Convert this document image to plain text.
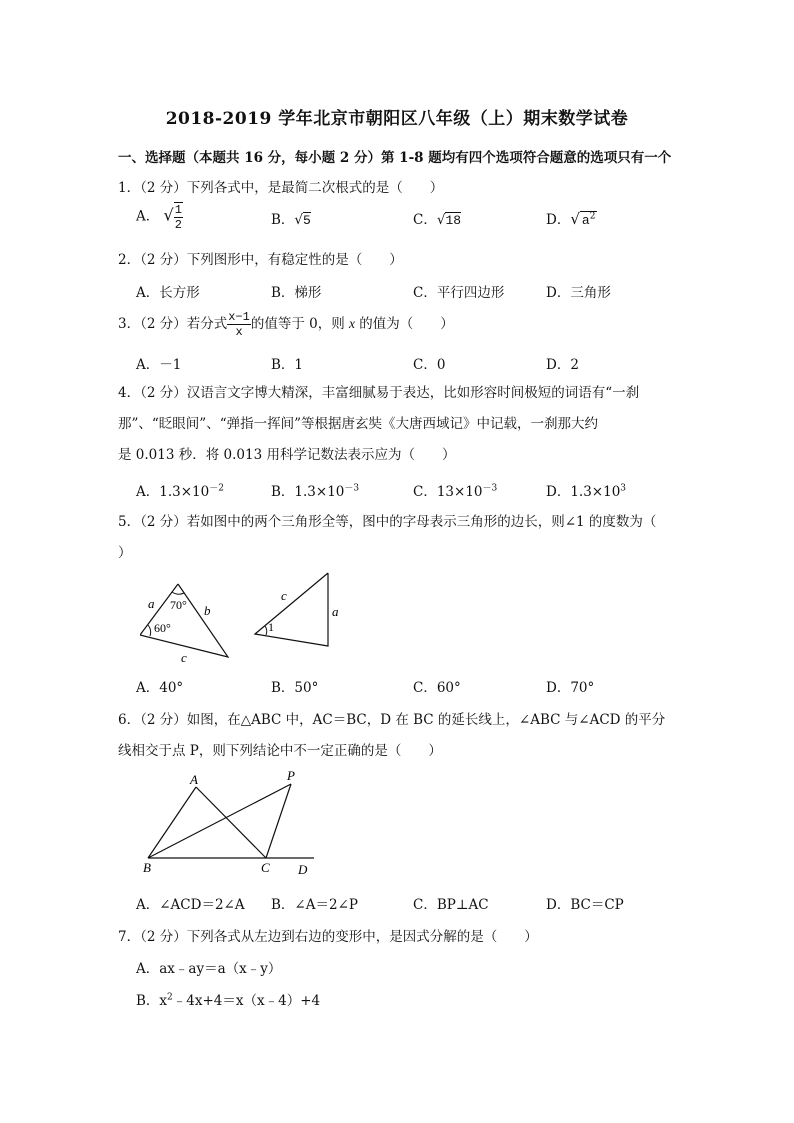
2018-2019 学年北京市朝阳区八年级（上）期末数学试卷
一、选择题（本题共 16 分，每小题 2 分）第 1-8 题均有四个选项符合题意的选项只有一个
1．（2 分）下列各式中，是最简二次根式的是（　　）
A． √ $\frac{1}{2}$	B．√5	C．√18	D．√ $a^2$
2．（2 分）下列图形中，有稳定性的是（　　）
A．长方形	B．梯形	C．平行四边形	D．三角形
3．（2 分）若分式 $\frac{x-1}{x}$ 的值等于 0，则 x 的值为（　　）
A．－1	B．1	C．0	D．2
4．（2 分）汉语言文字博大精深，丰富细腻易于表达，比如形容时间极短的词语有“一刹
那”、“眨眼间”、“弹指一挥间”等根据唐玄奘《大唐西域记》中记载，一刹那大约
是 0.013 秒．将 0.013 用科学记数法表示应为（　　）
A．$1.3\times 10^{-2}$	B．$1.3\times 10^{-3}$	C．$13\times 10^{-3}$	D．$1.3\times 10^3$
5．（2 分）若如图中的两个三角形全等，图中的字母表示三角形的边长，则∠1 的度数为（
）
a 70° b
60°
c
c
a
1
A．40°	B．50°	C．60°	D．70°
6．（2 分）如图，在△ABC 中，AC＝BC，D 在 BC 的延长线上，∠ABC 与∠ACD 的平分
线相交于点 P，则下列结论中不一定正确的是（　　）
A	P
B	C D
A．∠ACD＝2∠A B．∠A＝2∠P	C．BP⊥AC	D．BC＝CP
7．（2 分）下列各式从左边到右边的变形中，是因式分解的是（　　）
A．ax﹣ay＝a（x﹣y）
B．$x^2﹣4x+4=x(x﹣4)+4$
